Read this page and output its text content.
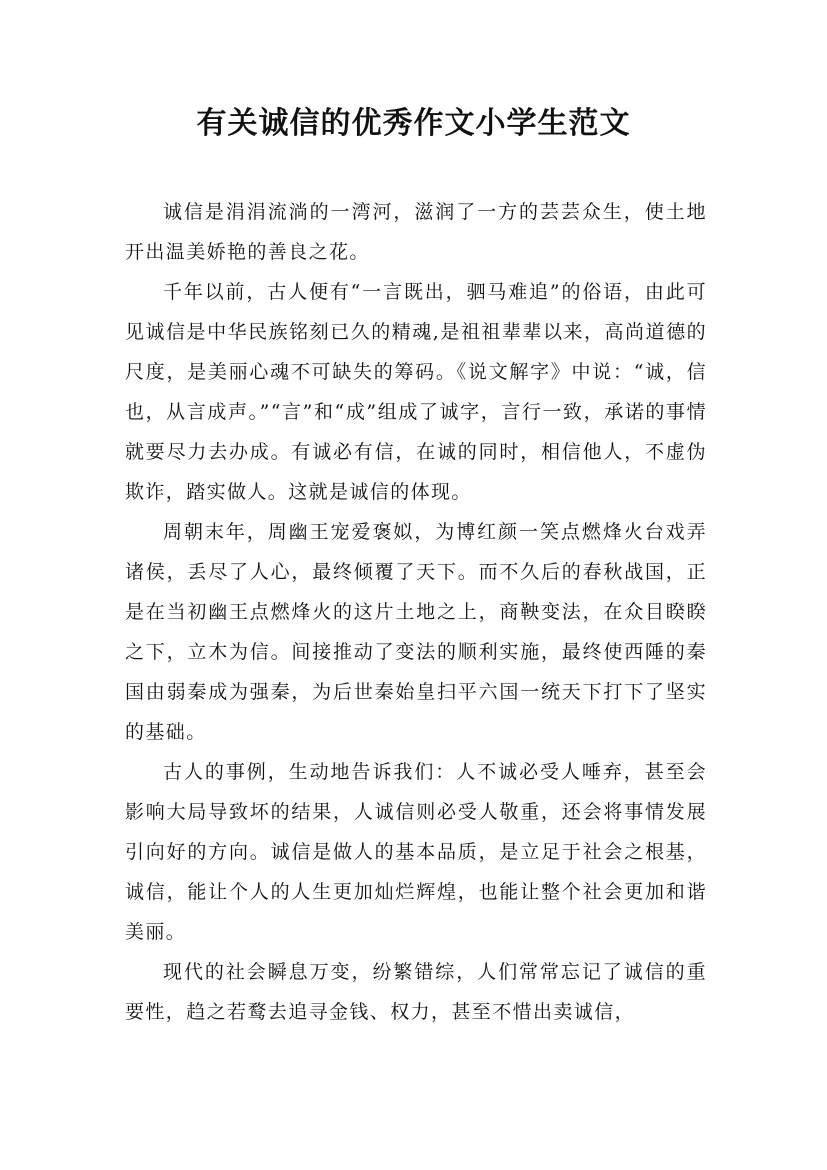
有关诚信的优秀作文小学生范文

诚信是涓涓流淌的一湾河，滋润了一方的芸芸众生，使土地开出温美娇艳的善良之花。

千年以前，古人便有“一言既出，驷马难追”的俗语，由此可见诚信是中华民族铭刻已久的精魂,是祖祖辈辈以来，高尚道德的尺度，是美丽心魂不可缺失的筹码。《说文解字》中说：“诚，信也，从言成声。”“言”和“成”组成了诚字，言行一致，承诺的事情就要尽力去办成。有诚必有信，在诚的同时，相信他人，不虚伪欺诈，踏实做人。这就是诚信的体现。

周朝末年，周幽王宠爱褒姒，为博红颜一笑点燃烽火台戏弄诸侯，丢尽了人心，最终倾覆了天下。而不久后的春秋战国，正是在当初幽王点燃烽火的这片土地之上，商鞅变法，在众目睽睽之下，立木为信。间接推动了变法的顺利实施，最终使西陲的秦国由弱秦成为强秦，为后世秦始皇扫平六国一统天下打下了坚实的基础。

古人的事例，生动地告诉我们：人不诚必受人唾弃，甚至会影响大局导致坏的结果，人诚信则必受人敬重，还会将事情发展引向好的方向。诚信是做人的基本品质，是立足于社会之根基，诚信，能让个人的人生更加灿烂辉煌，也能让整个社会更加和谐美丽。

现代的社会瞬息万变，纷繁错综，人们常常忘记了诚信的重要性，趋之若鹜去追寻金钱、权力，甚至不惜出卖诚信，
